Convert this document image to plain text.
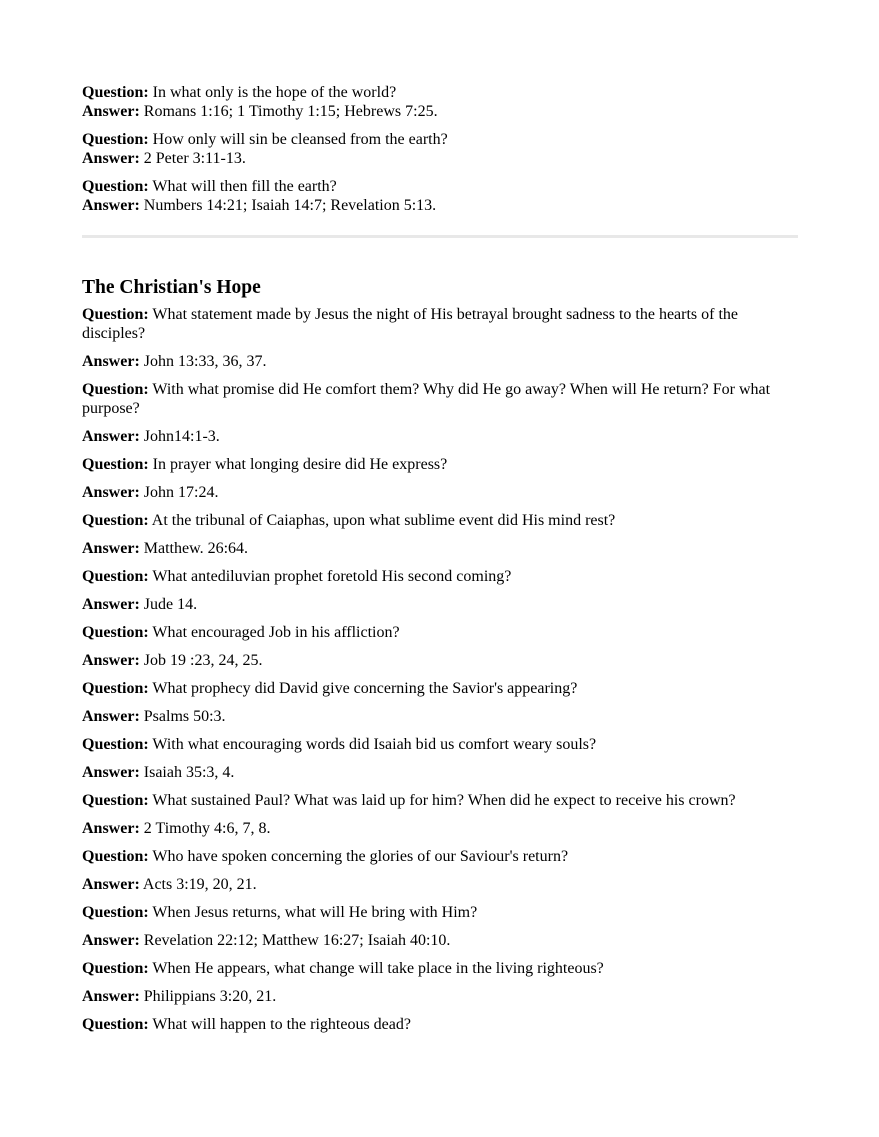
Question: In what only is the hope of the world?
Answer: Romans 1:16; 1 Timothy 1:15; Hebrews 7:25.
Question: How only will sin be cleansed from the earth?
Answer: 2 Peter 3:11-13.
Question: What will then fill the earth?
Answer: Numbers 14:21; Isaiah 14:7; Revelation 5:13.
The Christian's Hope

Question: What statement made by Jesus the night of His betrayal brought sadness to the hearts of the disciples?

Answer: John 13:33, 36, 37.

Question: With what promise did He comfort them? Why did He go away? When will He return? For what purpose?

Answer: John14:1-3.

Question: In prayer what longing desire did He express?

Answer: John 17:24.

Question: At the tribunal of Caiaphas, upon what sublime event did His mind rest?

Answer: Matthew. 26:64.

Question: What antediluvian prophet foretold His second coming?

Answer: Jude 14.

Question: What encouraged Job in his affliction?

Answer: Job 19 :23, 24, 25.

Question: What prophecy did David give concerning the Savior's appearing?

Answer: Psalms 50:3.

Question: With what encouraging words did Isaiah bid us comfort weary souls?

Answer: Isaiah 35:3, 4.

Question: What sustained Paul? What was laid up for him? When did he expect to receive his crown?

Answer: 2 Timothy 4:6, 7, 8.

Question: Who have spoken concerning the glories of our Saviour's return?

Answer: Acts 3:19, 20, 21.

Question: When Jesus returns, what will He bring with Him?

Answer: Revelation 22:12; Matthew 16:27; Isaiah 40:10.

Question: When He appears, what change will take place in the living righteous?

Answer: Philippians 3:20, 21.

Question: What will happen to the righteous dead?
